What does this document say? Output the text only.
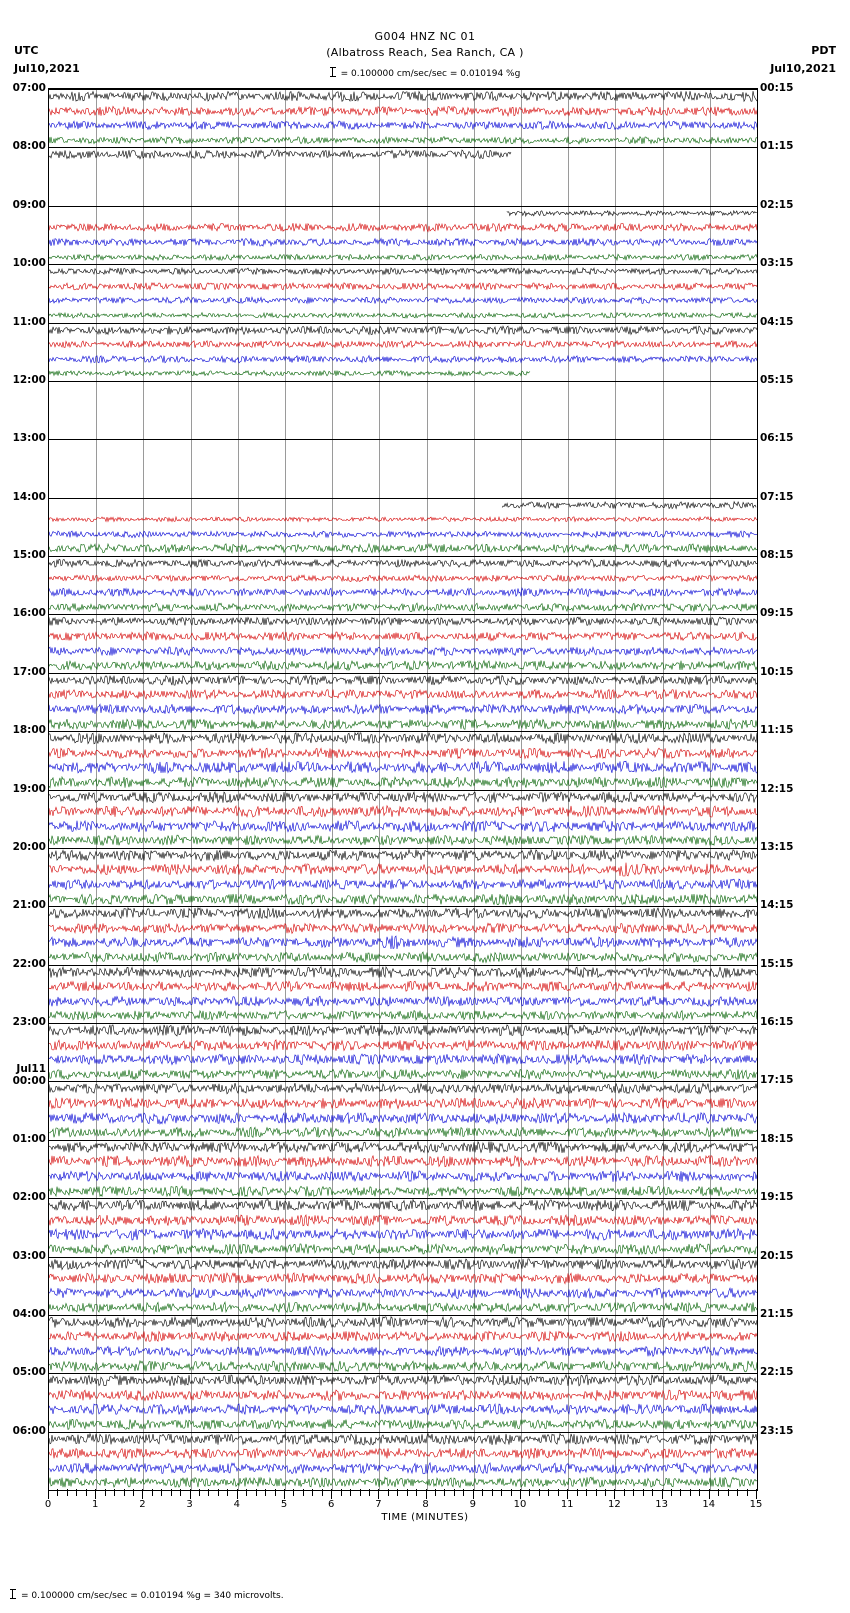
G004 HNZ NC 01
(Albatross Reach, Sea Ranch, CA )
= 0.100000 cm/sec/sec = 0.010194 %g
UTC
Jul10,2021
PDT
Jul10,2021
0	1	2	3	4	5	6	7	8	9	10	11	12	13	14	15
TIME (MINUTES)
= 0.100000 cm/sec/sec = 0.010194 %g = 340 microvolts.
07:00	00:15
08:00	01:15
09:00	02:15
10:00	03:15
11:00	04:15
12:00	05:15
13:00	06:15
14:00	07:15
15:00	08:15
16:00	09:15
17:00	10:15
18:00	11:15
19:00	12:15
20:00	13:15
21:00	14:15
22:00	15:15
23:00	16:15
Jul11
00:00	17:15
01:00	18:15
02:00	19:15
03:00	20:15
04:00	21:15
05:00	22:15
06:00	23:15
